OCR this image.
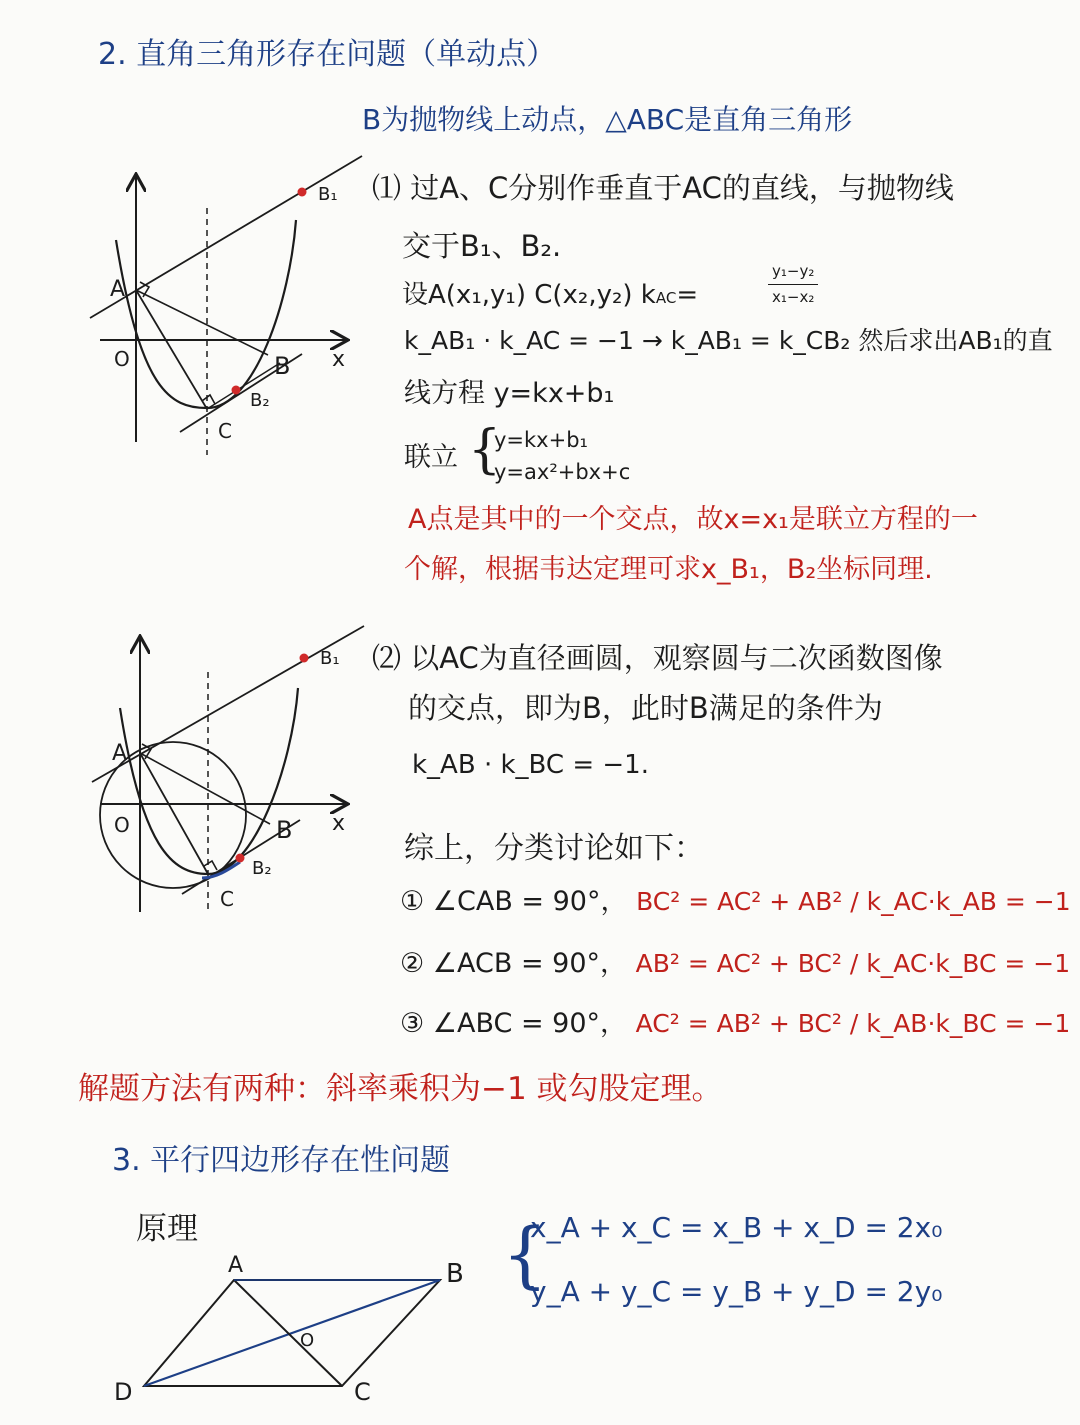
2. 直角三角形存在问题（单动点）
B为抛物线上动点，△ABC是直角三角形
A
O	x
B
B₁
B₂
C
⑴ 过A、C分别作垂直于AC的直线，与抛物线
交于B₁、B₂.
设A(x₁,y₁) C(x₂,y₂) kAC=
y₁−y₂
x₁−x₂
k_AB₁ · k_AC = −1 → k_AB₁ = k_CB₂ 然后求出AB₁的直
线方程 y=kx+b₁
联立 {
y=kx+b₁
y=ax²+bx+c
A点是其中的一个交点，故x=x₁是联立方程的一
个解，根据韦达定理可求x_B₁，B₂坐标同理.
A
O	x
B
B₁
B₂
C
⑵ 以AC为直径画圆，观察圆与二次函数图像
的交点，即为B，此时B满足的条件为
k_AB · k_BC = −1.
综上，分类讨论如下：
① ∠CAB = 90°， BC² = AC² + AB² / k_AC·k_AB = −1
② ∠ACB = 90°， AB² = AC² + BC² / k_AC·k_BC = −1
③ ∠ABC = 90°， AC² = AB² + BC² / k_AB·k_BC = −1
解题方法有两种：斜率乘积为−1 或勾股定理。
3. 平行四边形存在性问题
原理
A	B
C
D
O
{
x_A + x_C = x_B + x_D = 2x₀
y_A + y_C = y_B + y_D = 2y₀
